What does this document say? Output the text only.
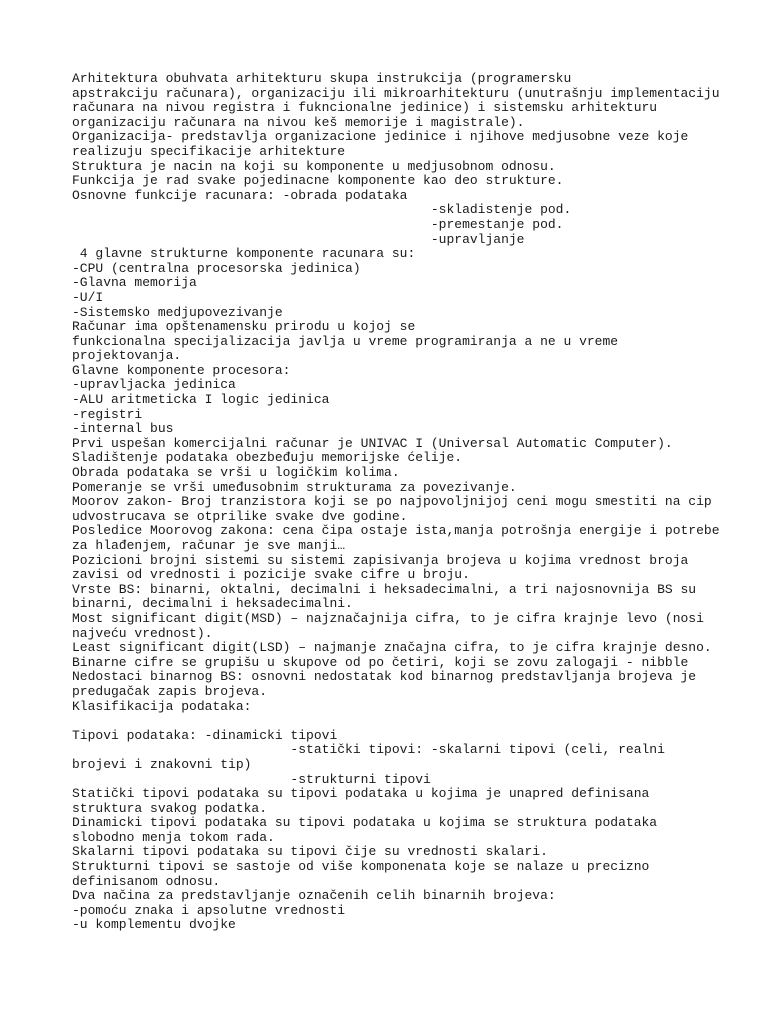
Arhitektura obuhvata arhitekturu skupa instrukcija (programersku
apstrakciju računara), organizaciju ili mikroarhitekturu (unutrašnju implementaciju
računara na nivou registra i fukncionalne jedinice) i sistemsku arhitekturu
organizaciju računara na nivou keš memorije i magistrale).
Organizacija- predstavlja organizacione jedinice i njihove medjusobne veze koje
realizuju specifikacije arhitekture
Struktura je nacin na koji su komponente u medjusobnom odnosu.
Funkcija je rad svake pojedinacne komponente kao deo strukture.
Osnovne funkcije racunara: -obrada podataka
-skladistenje pod.
-premestanje pod.
-upravljanje
4 glavne strukturne komponente racunara su:
-CPU (centralna procesorska jedinica)
-Glavna memorija
-U/I
-Sistemsko medjupovezivanje
Računar ima opštenamensku prirodu u kojoj se
funkcionalna specijalizacija javlja u vreme programiranja a ne u vreme
projektovanja.
Glavne komponente procesora:
-upravljacka jedinica
-ALU aritmeticka I logic jedinica
-registri
-internal bus
Prvi uspešan komercijalni računar je UNIVAC I (Universal Automatic Computer).
Sladištenje podataka obezbeđuju memorijske ćelije.
Obrada podataka se vrši u logičkim kolima.
Pomeranje se vrši umeđusobnim strukturama za povezivanje.
Moorov zakon- Broj tranzistora koji se po najpovoljnijoj ceni mogu smestiti na cip
udvostrucava se otprilike svake dve godine.
Posledice Moorovog zakona: cena čipa ostaje ista,manja potrošnja energije i potrebe
za hlađenjem, računar je sve manji…
Pozicioni brojni sistemi su sistemi zapisivanja brojeva u kojima vrednost broja
zavisi od vrednosti i pozicije svake cifre u broju.
Vrste BS: binarni, oktalni, decimalni i heksadecimalni, a tri najosnovnija BS su
binarni, decimalni i heksadecimalni.
Most significant digit(MSD) – najznačajnija cifra, to je cifra krajnje levo (nosi
najveću vrednost).
Least significant digit(LSD) – najmanje značajna cifra, to je cifra krajnje desno.
Binarne cifre se grupišu u skupove od po četiri, koji se zovu zalogaji - nibble
Nedostaci binarnog BS: osnovni nedostatak kod binarnog predstavljanja brojeva je
predugačak zapis brojeva.
Klasifikacija podataka:

Tipovi podataka: -dinamicki tipovi
-statički tipovi: -skalarni tipovi (celi, realni
brojevi i znakovni tip)
-strukturni tipovi
Statički tipovi podataka su tipovi podataka u kojima je unapred definisana
struktura svakog podatka.
Dinamicki tipovi podataka su tipovi podataka u kojima se struktura podataka
slobodno menja tokom rada.
Skalarni tipovi podataka su tipovi čije su vrednosti skalari.
Strukturni tipovi se sastoje od više komponenata koje se nalaze u precizno
definisanom odnosu.
Dva načina za predstavljanje označenih celih binarnih brojeva:
-pomoću znaka i apsolutne vrednosti
-u komplementu dvojke
